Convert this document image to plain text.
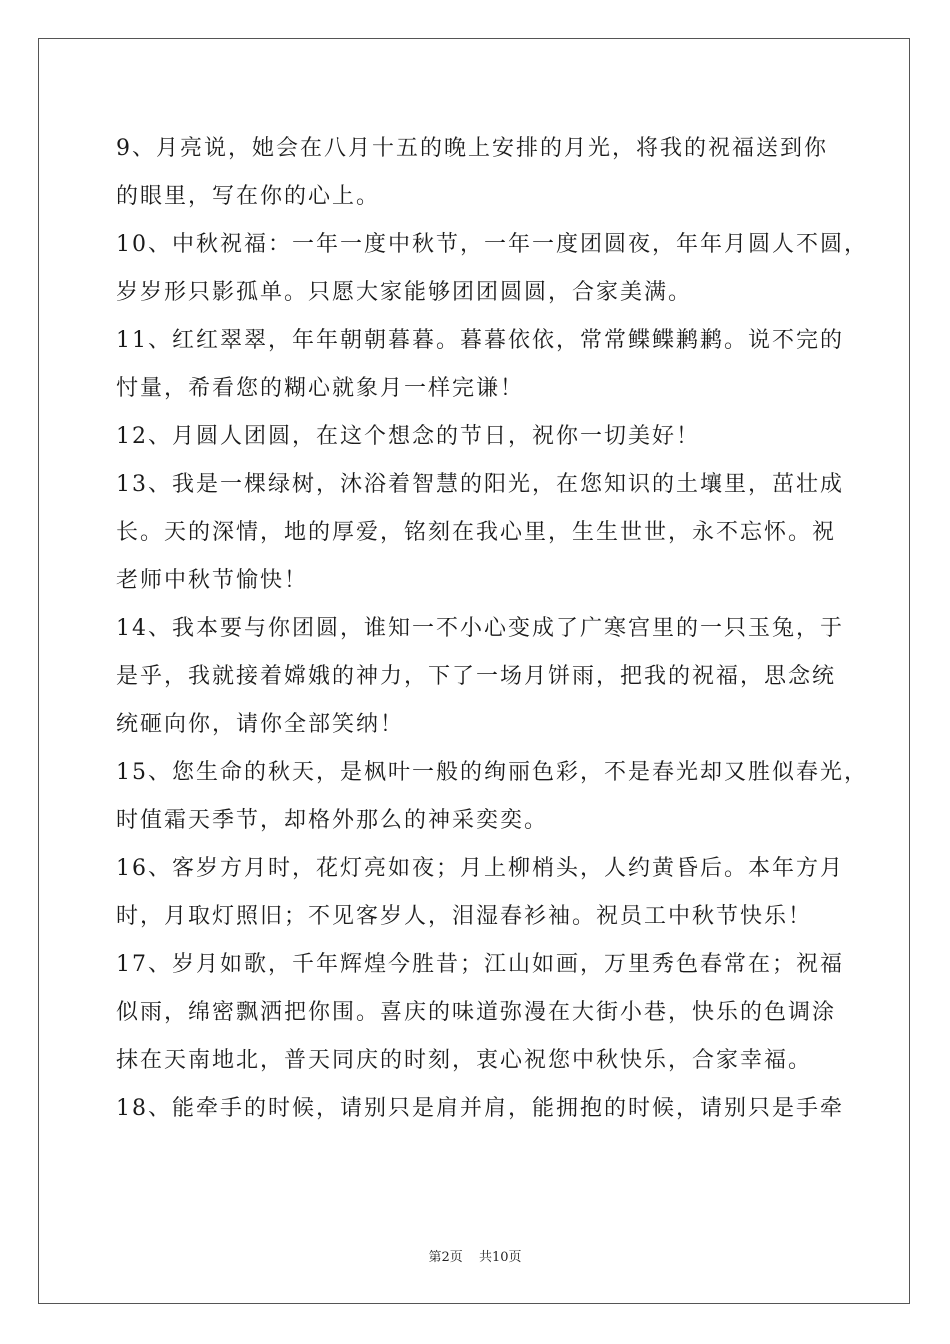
9、月亮说，她会在八月十五的晚上安排的月光，将我的祝福送到你
的眼里，写在你的心上。
10、中秋祝福：一年一度中秋节，一年一度团圆夜，年年月圆人不圆，
岁岁形只影孤单。只愿大家能够团团圆圆，合家美满。
11、红红翠翠，年年朝朝暮暮。暮暮依依，常常鲽鲽鹣鹣。说不完的
忖量，希看您的糊心就象月一样完谦！
12、月圆人团圆，在这个想念的节日，祝你一切美好！
13、我是一棵绿树，沐浴着智慧的阳光，在您知识的土壤里，茁壮成
长。天的深情，地的厚爱，铭刻在我心里，生生世世，永不忘怀。祝
老师中秋节愉快！
14、我本要与你团圆，谁知一不小心变成了广寒宫里的一只玉兔，于
是乎，我就接着嫦娥的神力，下了一场月饼雨，把我的祝福，思念统
统砸向你，请你全部笑纳！
15、您生命的秋天，是枫叶一般的绚丽色彩，不是春光却又胜似春光，
时值霜天季节，却格外那么的神采奕奕。
16、客岁方月时，花灯亮如夜；月上柳梢头，人约黄昏后。本年方月
时，月取灯照旧；不见客岁人，泪湿春衫袖。祝员工中秋节快乐！
17、岁月如歌，千年辉煌今胜昔；江山如画，万里秀色春常在；祝福
似雨，绵密飘洒把你围。喜庆的味道弥漫在大街小巷，快乐的色调涂
抹在天南地北，普天同庆的时刻，衷心祝您中秋快乐，合家幸福。
18、能牵手的时候，请别只是肩并肩，能拥抱的时候，请别只是手牵
第2页 共10页
